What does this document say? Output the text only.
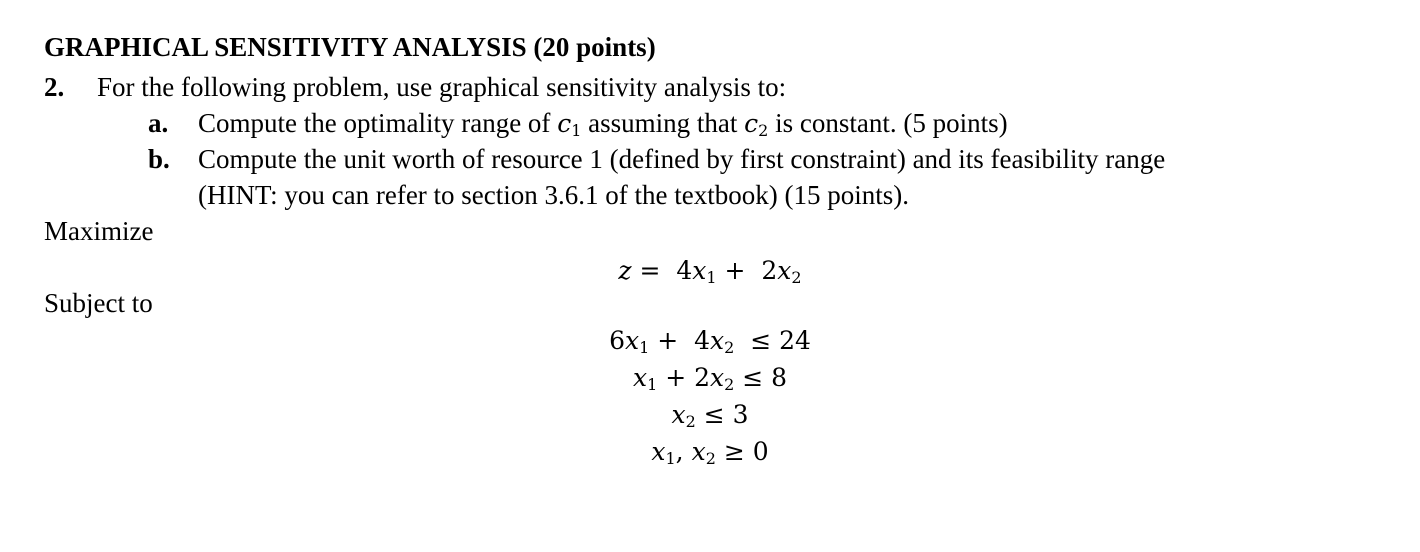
GRAPHICAL SENSITIVITY ANALYSIS (20 points)
2. For the following problem, use graphical sensitivity analysis to:
a. Compute the optimality range of $c_1$ assuming that $c_2$ is constant. (5 points)
b. Compute the unit worth of resource 1 (defined by first constraint) and its feasibility range
(HINT: you can refer to section 3.6.1 of the textbook) (15 points).
Maximize
$z = 4x_1 + 2x_2$
Subject to
$6x_1 + 4x_2 \le 24$
$x_1 + 2x_2 \le 8$
$x_2 \le 3$
$x_1$, $x_2 \ge 0$
